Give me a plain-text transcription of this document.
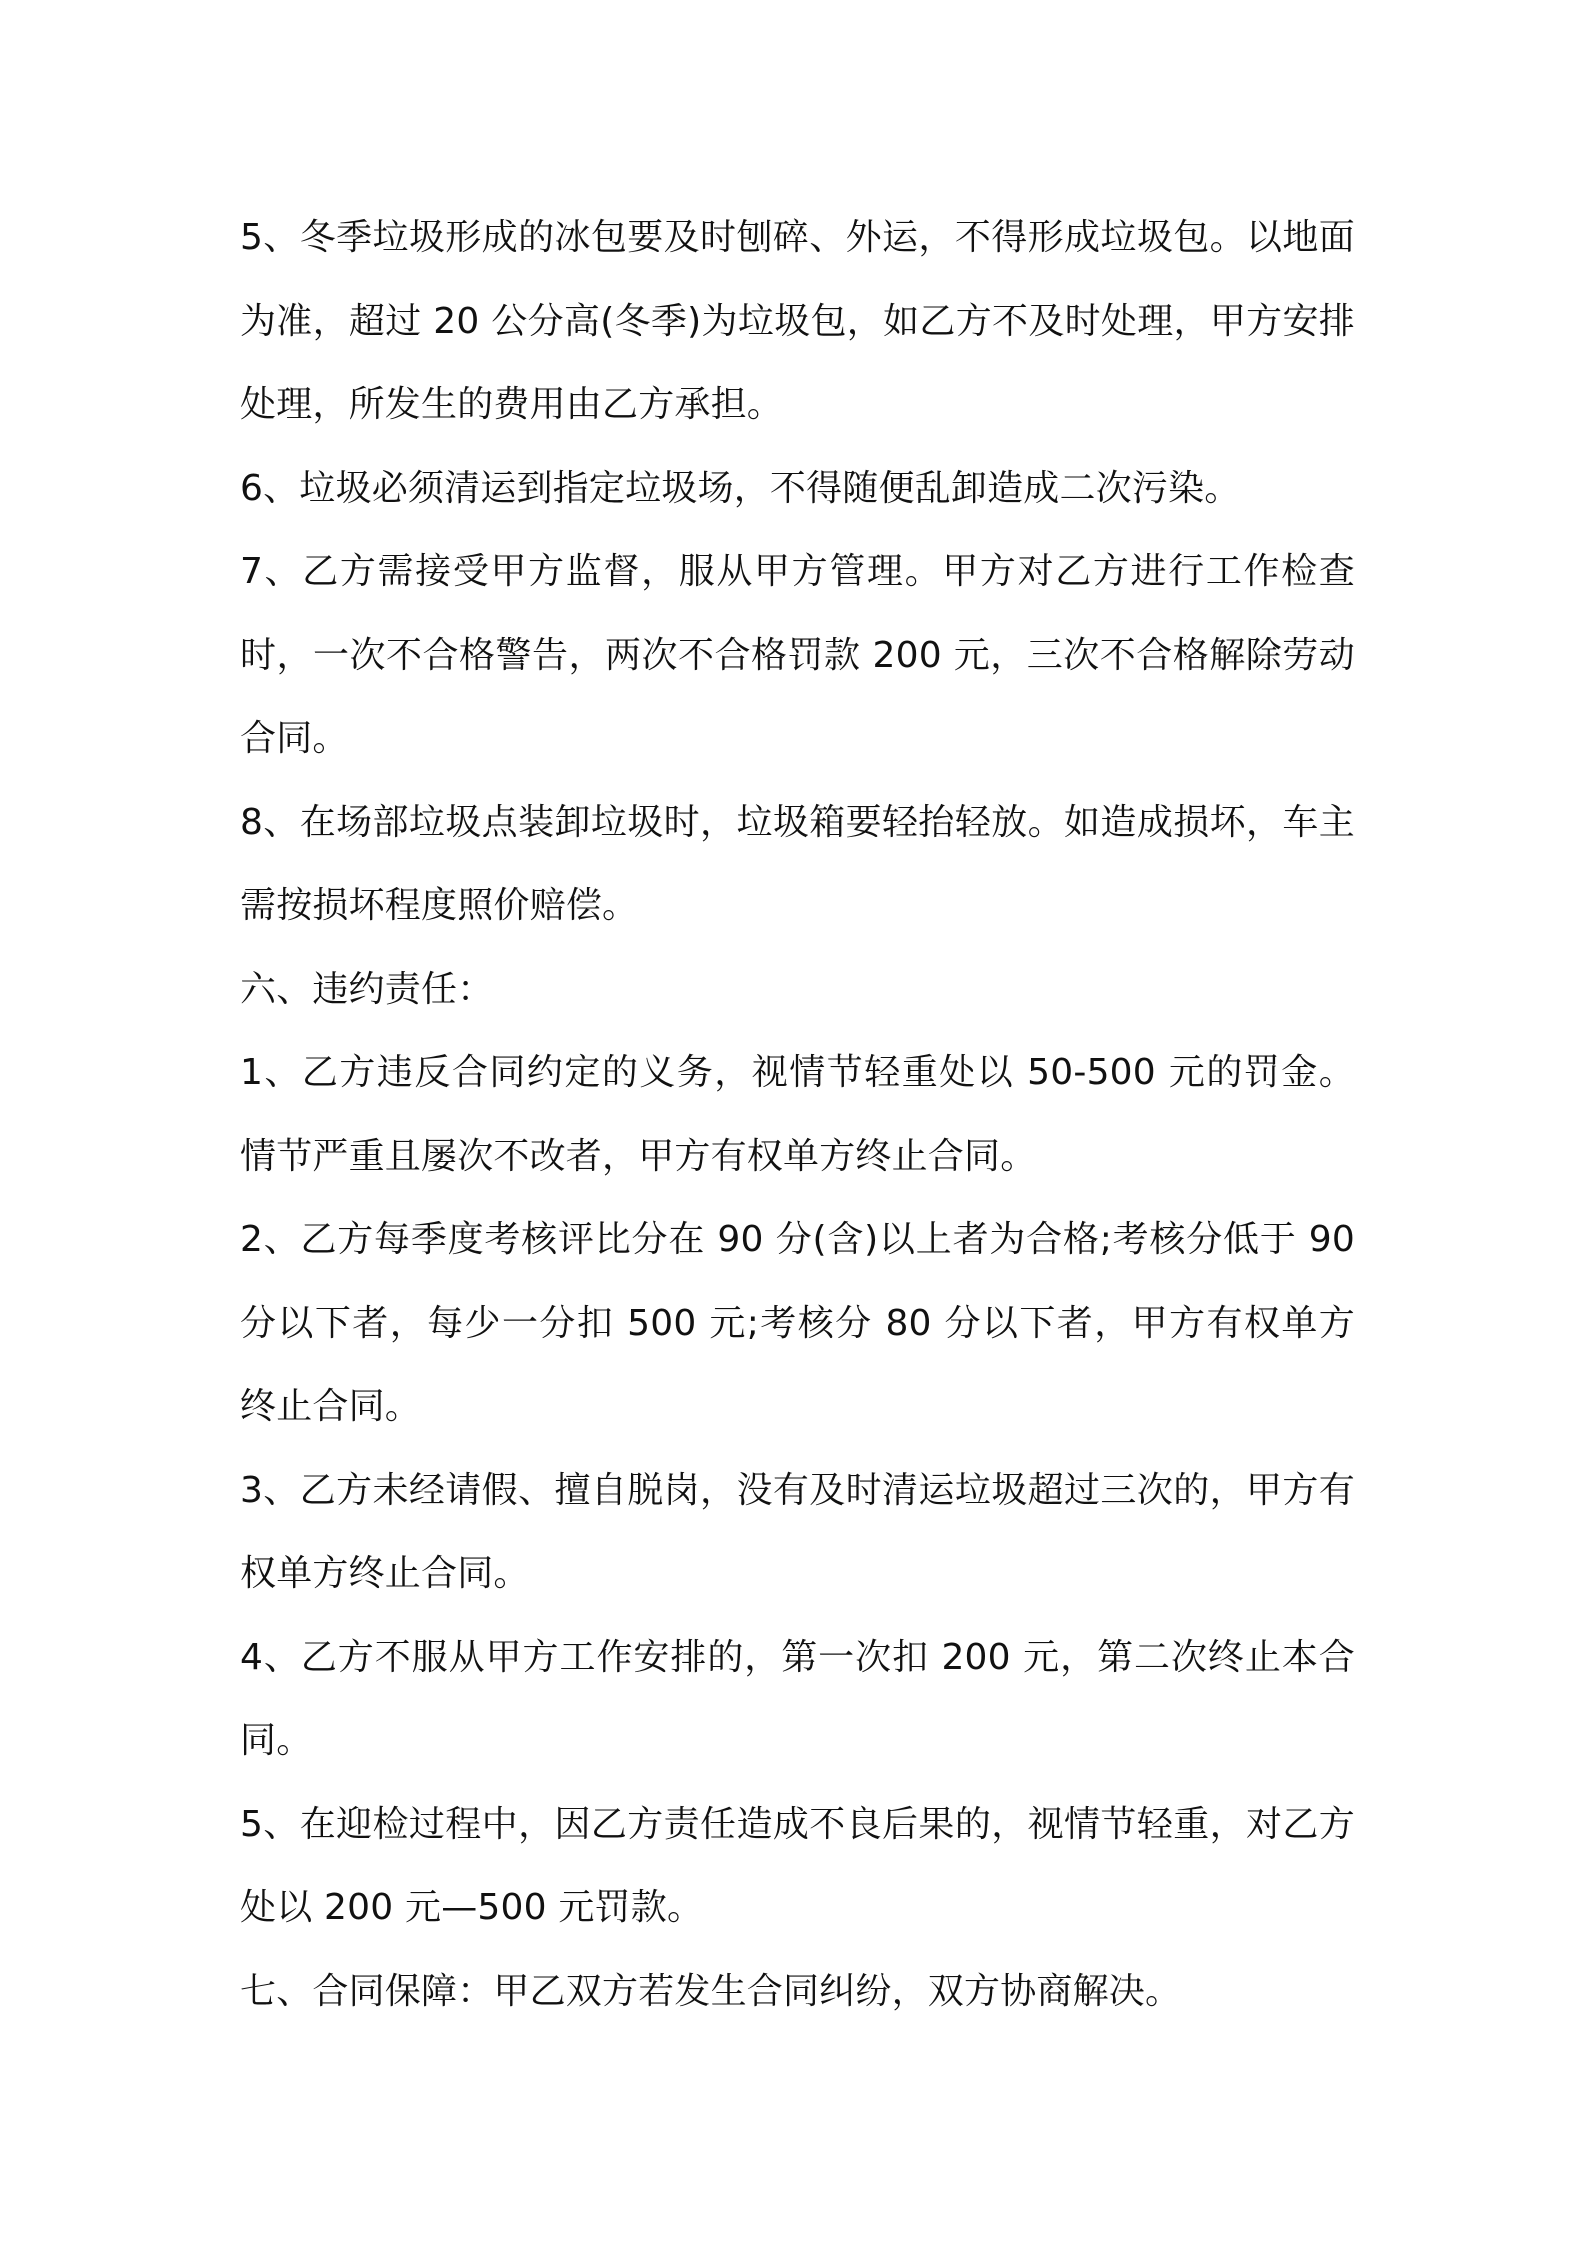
5、冬季垃圾形成的冰包要及时刨碎、外运，不得形成垃圾包。以地面为准，超过 20 公分高(冬季)为垃圾包，如乙方不及时处理，甲方安排处理，所发生的费用由乙方承担。

6、垃圾必须清运到指定垃圾场，不得随便乱卸造成二次污染。

7、乙方需接受甲方监督，服从甲方管理。甲方对乙方进行工作检查时，一次不合格警告，两次不合格罚款 200 元，三次不合格解除劳动合同。

8、在场部垃圾点装卸垃圾时，垃圾箱要轻抬轻放。如造成损坏，车主需按损坏程度照价赔偿。

六、违约责任：

1、乙方违反合同约定的义务，视情节轻重处以 50-500 元的罚金。情节严重且屡次不改者，甲方有权单方终止合同。

2、乙方每季度考核评比分在 90 分(含)以上者为合格;考核分低于 90分以下者，每少一分扣 500 元;考核分 80 分以下者，甲方有权单方终止合同。

3、乙方未经请假、擅自脱岗，没有及时清运垃圾超过三次的，甲方有权单方终止合同。

4、乙方不服从甲方工作安排的，第一次扣 200 元，第二次终止本合同。

5、在迎检过程中，因乙方责任造成不良后果的，视情节轻重，对乙方处以 200 元—500 元罚款。

七、合同保障：甲乙双方若发生合同纠纷，双方协商解决。
